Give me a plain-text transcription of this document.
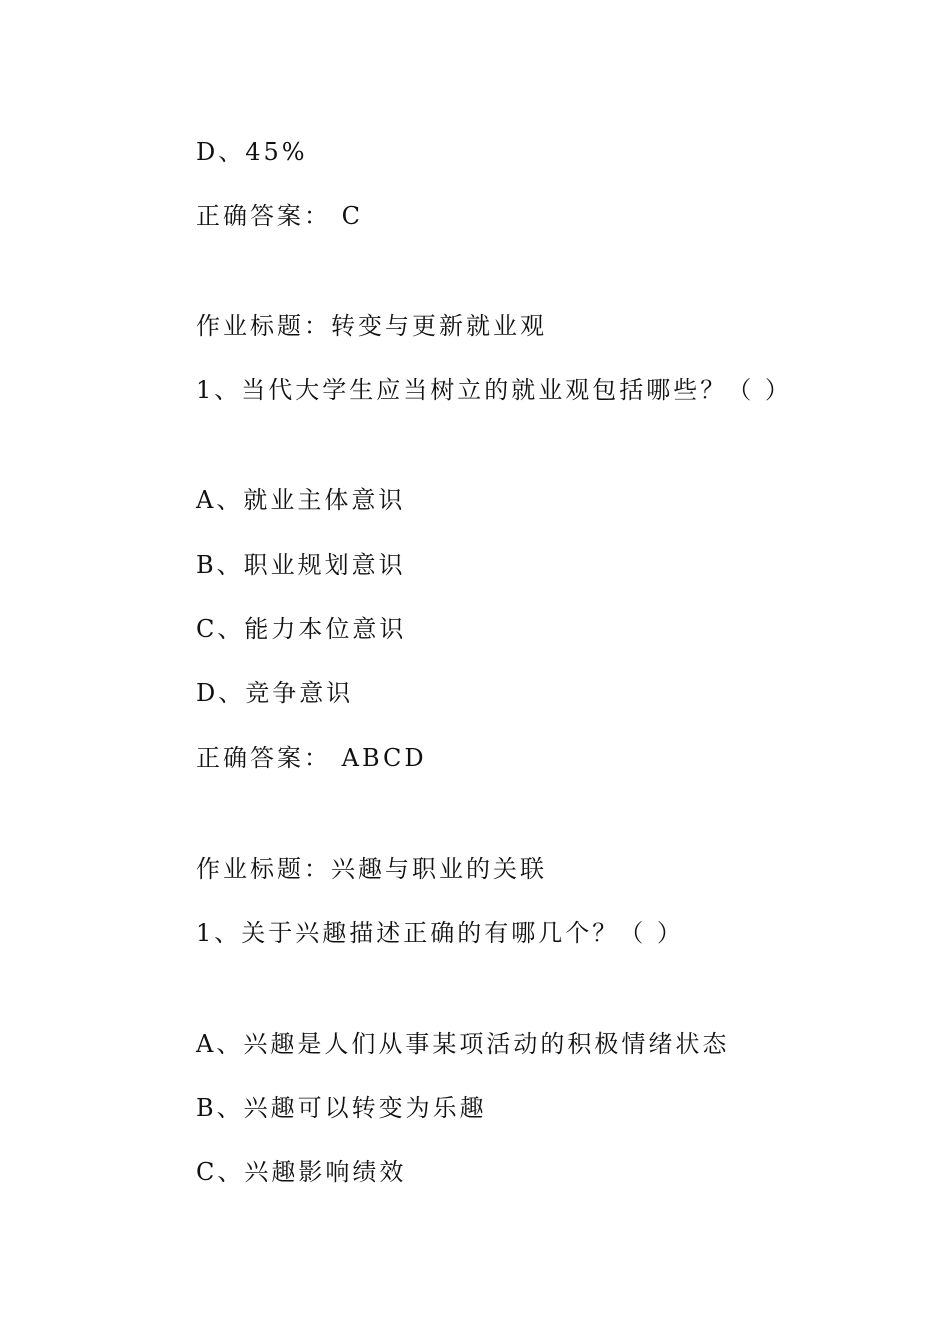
D、45%
正确答案： C
作业标题：转变与更新就业观
1、当代大学生应当树立的就业观包括哪些？（ ）
A、就业主体意识
B、职业规划意识
C、能力本位意识
D、竞争意识
正确答案： ABCD
作业标题：兴趣与职业的关联
1、关于兴趣描述正确的有哪几个？（ ）
A、兴趣是人们从事某项活动的积极情绪状态
B、兴趣可以转变为乐趣
C、兴趣影响绩效
